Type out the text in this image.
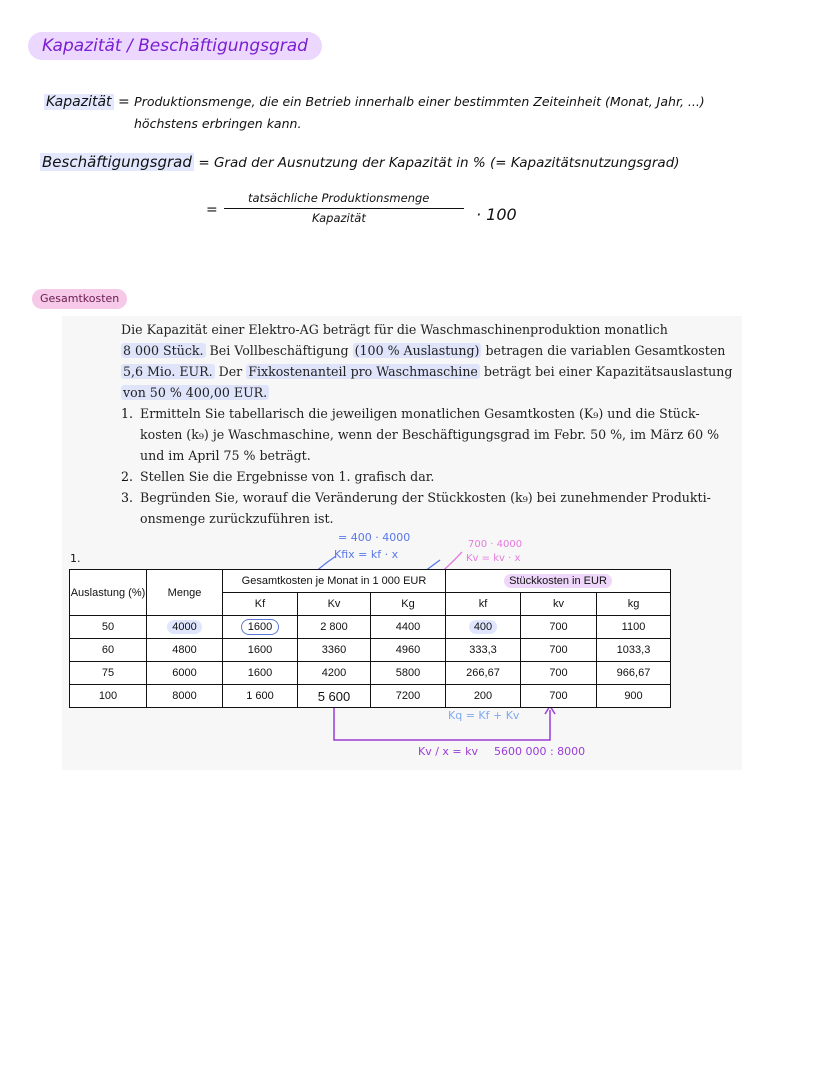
Kapazität / Beschäftigungsgrad
Kapazität = Produktionsmenge, die ein Betrieb innerhalb einer bestimmten Zeiteinheit (Monat, Jahr, ...)
höchstens erbringen kann.
Beschäftigungsgrad = Grad der Ausnutzung der Kapazität in % (= Kapazitätsnutzungsgrad)
=
tatsächliche Produktionsmenge
Kapazität	· 100
Gesamtkosten
Die Kapazität einer Elektro-AG beträgt für die Waschmaschinenproduktion monatlich
8 000 Stück. Bei Vollbeschäftigung (100 % Auslastung) betragen die variablen Gesamtkosten
5,6 Mio. EUR. Der Fixkostenanteil pro Waschmaschine beträgt bei einer Kapazitätsauslastung
von 50 % 400,00 EUR.
1. Ermitteln Sie tabellarisch die jeweiligen monatlichen Gesamtkosten (K₉) und die Stück-
kosten (k₉) je Waschmaschine, wenn der Beschäftigungsgrad im Febr. 50 %, im März 60 %
und im April 75 % beträgt.
2. Stellen Sie die Ergebnisse von 1. grafisch dar.
3. Begründen Sie, worauf die Veränderung der Stückkosten (k₉) bei zunehmender Produkti-
onsmenge zurückzuführen ist.
1.
= 400 · 4000
Kfix = kf · x
700 · 4000
Kv = kv · x
Auslastung (%)	Menge	Gesamtkosten je Monat in 1 000 EUR			Stückkosten in EUR		
		Kf	Kv	Kg	kf	kv	kg
50	4000	1600	2 800	4400	400	700	1100
60	4800	1600	3360	4960	333,3	700	1033,3
75	6000	1600	4200	5800	266,67	700	966,67
100	8000	1 600	5 600	7200	200	700	900
Kq = Kf + Kv
Kv / x = kv 5600 000 : 8000
